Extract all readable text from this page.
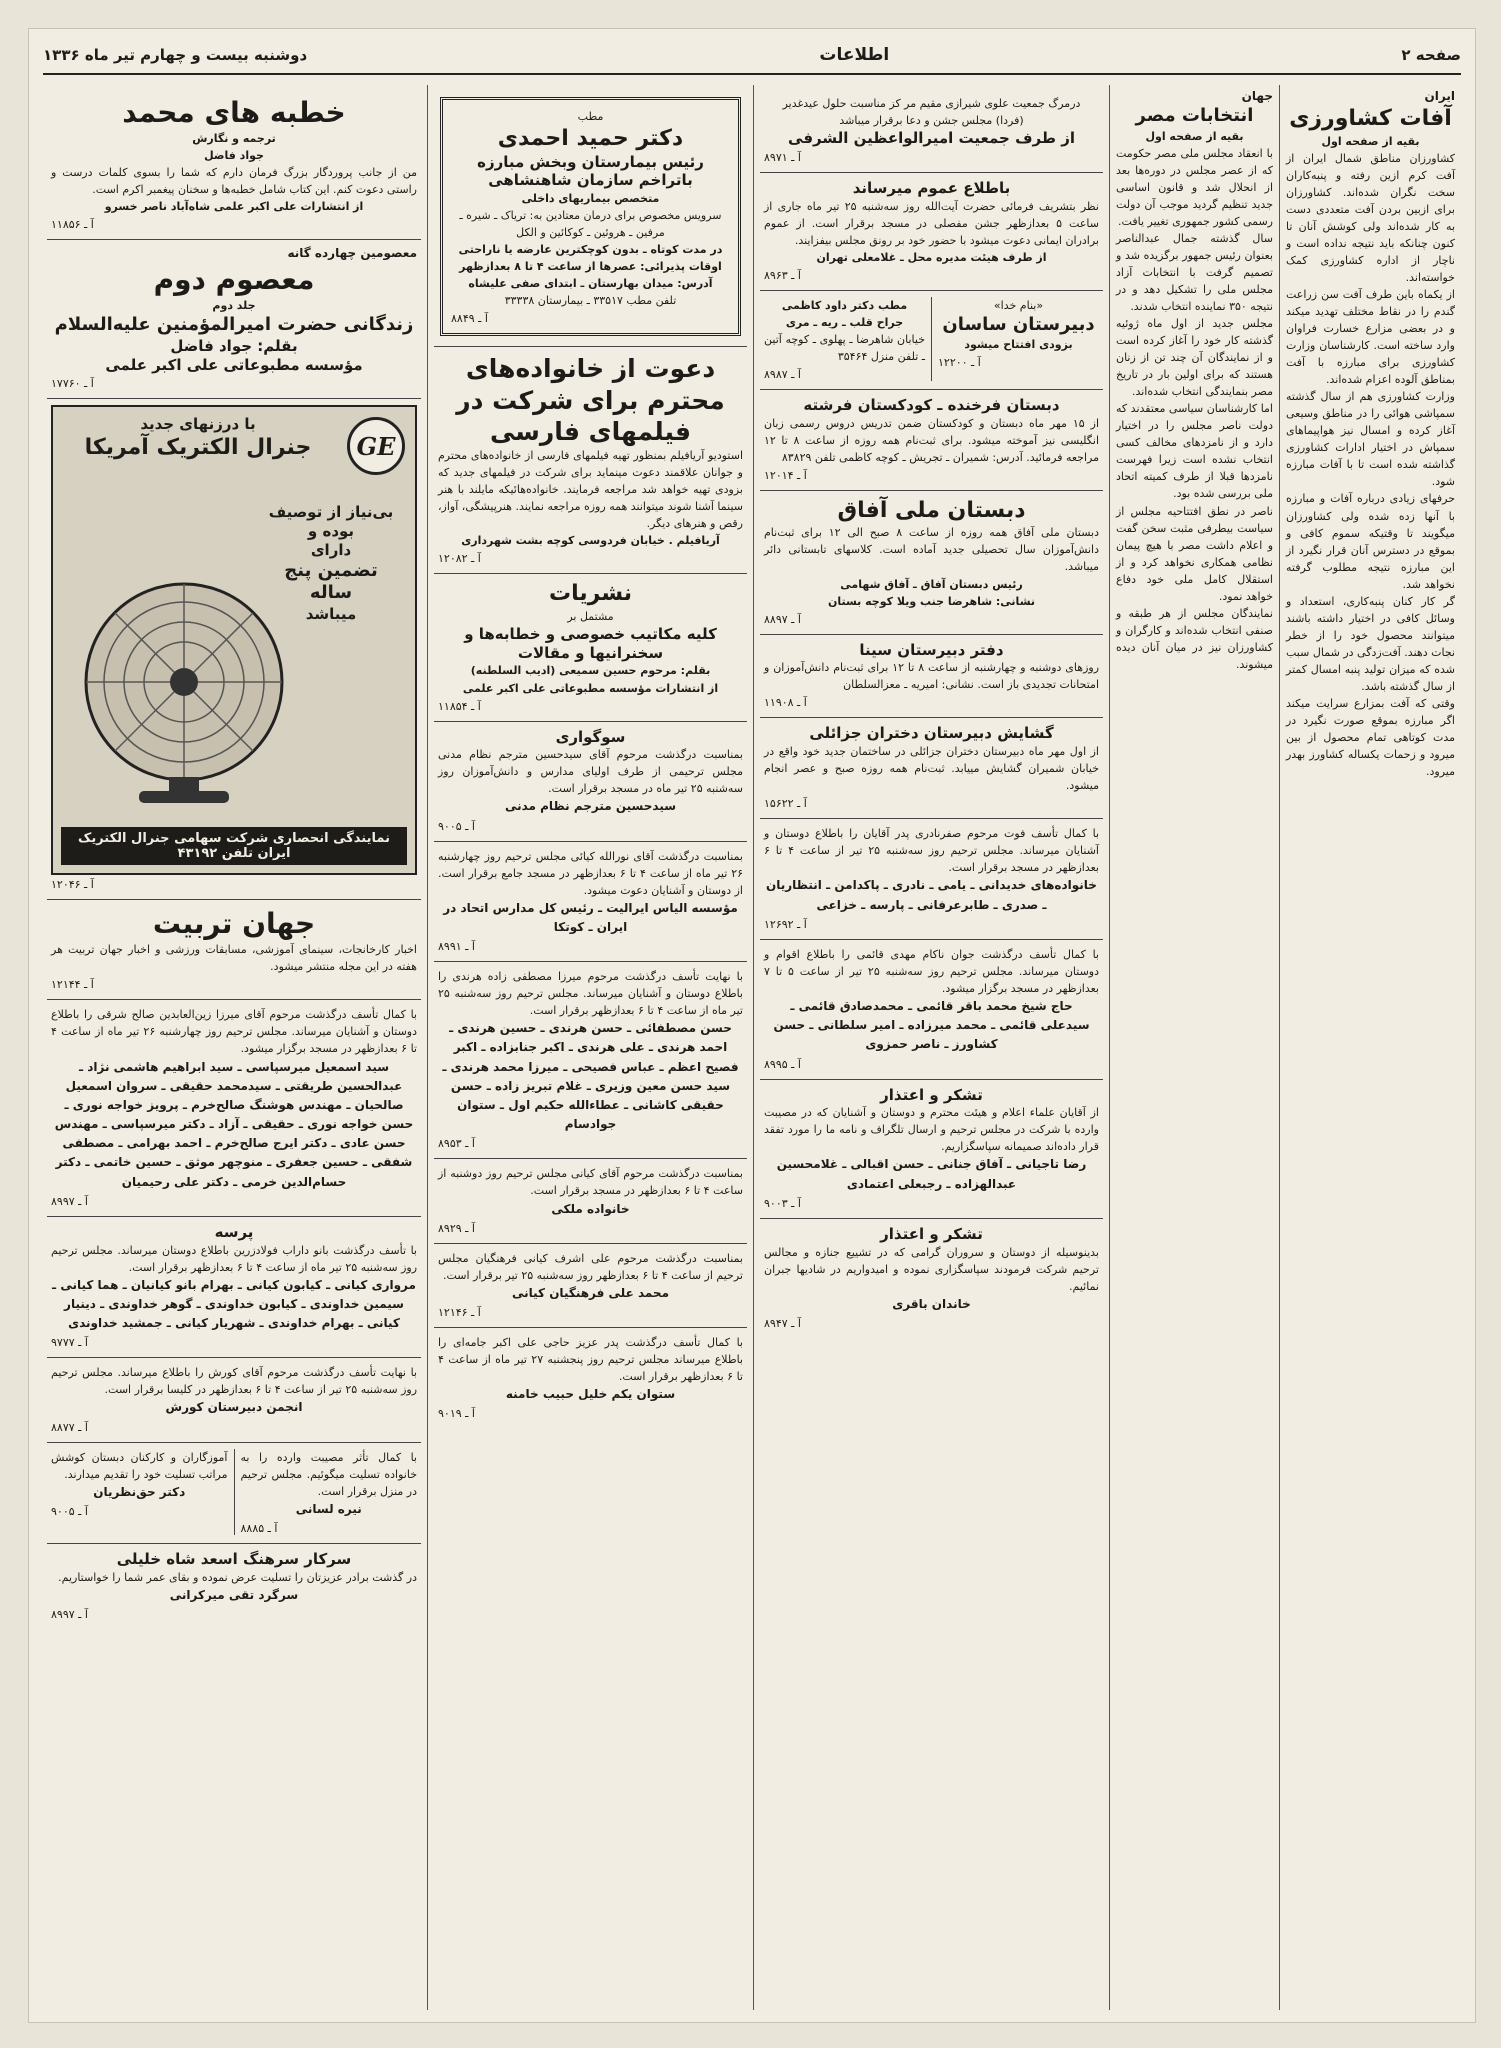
صفحه ۲
اطلاعات
دوشنبه بیست و چهارم تیر ماه ۱۳۳۶
ایران
آفات کشاورزی
بقیه از صفحه اول

کشاورزان مناطق شمال ایران از آفت کرم ازین رفته و پنبه‌کاران سخت نگران شده‌اند. کشاورزان برای ازبین بردن آفت متعددی دست به کار شده‌اند ولی کوشش آنان تا کنون چنانکه باید نتیجه نداده است و ناچار از اداره کشاورزی کمک خواسته‌اند.

از یکماه باین طرف آفت سن زراعت گندم را در نقاط مختلف تهدید میکند و در بعضی مزارع خسارت فراوان وارد ساخته است. کارشناسان وزارت کشاورزی برای مبارزه با آفت بمناطق آلوده اعزام شده‌اند.

وزارت کشاورزی هم از سال گذشته سمپاشی هوائی را در مناطق وسیعی آغاز کرده و امسال نیز هواپیماهای سمپاش در اختیار ادارات کشاورزی گذاشته شده است تا با آفات مبارزه شود.

حرفهای زیادی درباره آفات و مبارزه با آنها زده شده ولی کشاورزان میگویند تا وقتیکه سموم کافی و بموقع در دسترس آنان قرار نگیرد از این مبارزه نتیجه مطلوب گرفته نخواهد شد.

گر کار کنان پنبه‌کاری، استعداد و وسائل کافی در اختیار داشته باشند میتوانند محصول خود را از خطر نجات دهند. آفت‌زدگی در شمال سبب شده که میزان تولید پنبه امسال کمتر از سال گذشته باشد.

وقتی که آفت بمزارع سرایت میکند اگر مبارزه بموقع صورت نگیرد در مدت کوتاهی تمام محصول از بین میرود و زحمات یکساله کشاورز بهدر میرود.

جهان
انتخابات مصر
بقیه از صفحه اول

با انعقاد مجلس ملی مصر حکومت که از عصر مجلس در دوره‌ها بعد از انحلال شد و قانون اساسی جدید تنظیم گردید موجب آن دولت رسمی کشور جمهوری تغییر یافت.

سال گذشته جمال عبدالناصر بعنوان رئیس جمهور برگزیده شد و تصمیم گرفت با انتخابات آزاد مجلس ملی را تشکیل دهد و در نتیجه ۳۵۰ نماینده انتخاب شدند.

مجلس جدید از اول ماه ژوئیه گذشته کار خود را آغاز کرده است و از نمایندگان آن چند تن از زنان هستند که برای اولین بار در تاریخ مصر بنمایندگی انتخاب شده‌اند.

اما کارشناسان سیاسی معتقدند که دولت ناصر مجلس را در اختیار دارد و از نامزدهای مخالف کسی انتخاب نشده است زیرا فهرست نامزدها قبلا از طرف کمیته اتحاد ملی بررسی شده بود.

ناصر در نطق افتتاحیه مجلس از سیاست بیطرفی مثبت سخن گفت و اعلام داشت مصر با هیچ پیمان نظامی همکاری نخواهد کرد و از استقلال کامل ملی خود دفاع خواهد نمود.

نمایندگان مجلس از هر طبقه و صنفی انتخاب شده‌اند و کارگران و کشاورزان نیز در میان آنان دیده میشوند.

درمرگ جمعیت علوی شیرازی مقیم مر کز مناسبت حلول عیدغدیر
(فردا) مجلس جشن و دعا برقرار میباشد
از طرف جمعیت امیرالواعظین الشرفی
آ ـ ۸۹۷۱
باطلاع عموم میرساند

نظر بتشریف فرمائی حضرت آیت‌الله روز سه‌شنبه ۲۵ تیر ماه جاری از ساعت ۵ بعدازظهر جشن مفصلی در مسجد برقرار است. از عموم برادران ایمانی دعوت میشود با حضور خود بر رونق مجلس بیفزایند.

از طرف هیئت مدیره محل ـ غلامعلی تهران
آ ـ ۸۹۶۳
«بنام خدا»
دبیرستان ساسان
بزودی افتتاح میشود
آ ـ ۱۲۲۰۰
مطب دکتر داود کاظمی
جراح قلب ـ ریه ـ مری

خیابان شاهرضا ـ پهلوی ـ کوچه آتین ـ تلفن منزل ۳۵۴۶۴

آ ـ ۸۹۸۷
دبستان فرخنده ـ کودکستان فرشته

از ۱۵ مهر ماه دبستان و کودکستان ضمن تدریس دروس رسمی زبان انگلیسی نیز آموخته میشود. برای ثبت‌نام همه روزه از ساعت ۸ تا ۱۲ مراجعه فرمائید. آدرس: شمیران ـ تجریش ـ کوچه کاظمی تلفن ۸۳۸۲۹

آ ـ ۱۲۰۱۴
دبستان ملی آفاق

دبستان ملی آفاق همه روزه از ساعت ۸ صبح الی ۱۲ برای ثبت‌نام دانش‌آموزان سال تحصیلی جدید آماده است. کلاسهای تابستانی دائر میباشد.

رئیس دبستان آفاق ـ آفاق شهامی
نشانی: شاهرضا جنب ویلا کوچه بستان
آ ـ ۸۸۹۷
دفتر دبیرستان سینا

روزهای دوشنبه و چهارشنبه از ساعت ۸ تا ۱۲ برای ثبت‌نام دانش‌آموزان و امتحانات تجدیدی باز است. نشانی: امیریه ـ معزالسلطان

آ ـ ۱۱۹۰۸
گشایش دبیرستان دختران جزائلی

از اول مهر ماه دبیرستان دختران جزائلی در ساختمان جدید خود واقع در خیابان شمیران گشایش مییابد. ثبت‌نام همه روزه صبح و عصر انجام میشود.

آ ـ ۱۵۶۲۲

با کمال تأسف فوت مرحوم صفرنادری پدر آقایان را باطلاع دوستان و آشنایان میرساند. مجلس ترحیم روز سه‌شنبه ۲۵ تیر از ساعت ۴ تا ۶ بعدازظهر در مسجد برقرار است.

خانواده‌های خدیدانی ـ یامی ـ نادری ـ پاکدامن ـ انتظاریان ـ صدری ـ طابرعرفانی ـ پارسه ـ خزاعی
آ ـ ۱۲۶۹۲

با کمال تأسف درگذشت جوان ناکام مهدی قائمی را باطلاع اقوام و دوستان میرساند. مجلس ترحیم روز سه‌شنبه ۲۵ تیر از ساعت ۵ تا ۷ بعدازظهر در مسجد برگزار میشود.

حاج شیخ محمد باقر قائمی ـ محمدصادق قائمی ـ سیدعلی قائمی ـ محمد میرزاده ـ امیر سلطانی ـ حسن کشاورز ـ ناصر حمزوی
آ ـ ۸۹۹۵
تشکر و اعتذار

از آقایان علماء اعلام و هیئت محترم و دوستان و آشنایان که در مصیبت وارده با شرکت در مجلس ترحیم و ارسال تلگراف و نامه ما را مورد تفقد قرار داده‌اند صمیمانه سپاسگزاریم.

رضا تاجیانی ـ آفاق جنانی ـ حسن اقبالی ـ غلامحسین عبدالهزاده ـ رجبعلی اعتمادی
آ ـ ۹۰۰۳
تشکر و اعتذار

بدینوسیله از دوستان و سروران گرامی که در تشییع جنازه و مجالس ترحیم شرکت فرمودند سپاسگزاری نموده و امیدواریم در شادیها جبران نمائیم.

خاندان باقری
آ ـ ۸۹۴۷
مطب
دکتر حمید احمدی
رئیس بیمارستان وبخش مبارزه باتراخم سازمان شاهنشاهی
متخصص بیماریهای داخلی
سرویس مخصوص برای درمان معتادین به: تریاک ـ شیره ـ مرفین ـ هروئین ـ کوکائین و الکل
در مدت کوتاه ـ بدون کوچکترین عارضه یا ناراحتی
اوقات پذیرائی: عصرها از ساعت ۴ تا ۸ بعدازظهر
آدرس: میدان بهارستان ـ ابتدای صفی علیشاه
تلفن مطب ۳۳۵۱۷ ـ بیمارستان ۳۳۳۳۸
آ ـ ۸۸۴۹
دعوت از خانواده‌های محترم برای شرکت در فیلمهای فارسی

استودیو آریافیلم بمنظور تهیه فیلمهای فارسی از خانواده‌های محترم و جوانان علاقمند دعوت مینماید برای شرکت در فیلمهای جدید که بزودی تهیه خواهد شد مراجعه فرمایند. خانواده‌هائیکه مایلند با هنر سینما آشنا شوند میتوانند همه روزه مراجعه نمایند. هنرپیشگی، آواز، رقص و هنرهای دیگر.

آریافیلم . خیابان فردوسی کوچه بشت شهرداری
آ ـ ۱۲۰۸۲
نشریات
مشتمل بر
کلیه مکاتیب خصوصی و خطابه‌ها و سخنرانیها و مقالات
بقلم: مرحوم حسین سمیعی (ادیب السلطنه)
از انتشارات مؤسسه مطبوعاتی علی اکبر علمی
آ ـ ۱۱۸۵۴
سوگواری

بمناسبت درگذشت مرحوم آقای سیدحسین مترجم نظام مدنی مجلس ترحیمی از طرف اولیای مدارس و دانش‌آموزان روز سه‌شنبه ۲۵ تیر ماه در مسجد برقرار است.

سیدحسین مترجم نظام مدنی
آ ـ ۹۰۰۵

بمناسبت درگذشت آقای نورالله کیائی مجلس ترحیم روز چهارشنبه ۲۶ تیر ماه از ساعت ۴ تا ۶ بعدازظهر در مسجد جامع برقرار است. از دوستان و آشنایان دعوت میشود.

مؤسسه الیاس ایرالیت ـ رئیس کل مدارس اتحاد در ایران ـ کوتکا
آ ـ ۸۹۹۱

با نهایت تأسف درگذشت مرحوم میرزا مصطفی زاده هرندی را باطلاع دوستان و آشنایان میرساند. مجلس ترحیم روز سه‌شنبه ۲۵ تیر ماه از ساعت ۴ تا ۶ بعدازظهر برقرار است.

حسن مصطفائی ـ حسن هرندی ـ حسین هرندی ـ احمد هرندی ـ علی هرندی ـ اکبر جنابزاده ـ اکبر فصیح اعظم ـ عباس فصیحی ـ میرزا محمد هرندی ـ سید حسن معین وزیری ـ غلام تبریز زاده ـ حسن حقیقی کاشانی ـ عطاءالله حکیم اول ـ ستوان جوادسام
آ ـ ۸۹۵۳

بمناسبت درگذشت مرحوم آقای کیانی مجلس ترحیم روز دوشنبه از ساعت ۴ تا ۶ بعدازظهر در مسجد برقرار است.

خانواده ملکی
آ ـ ۸۹۲۹

بمناسبت درگذشت مرحوم علی اشرف کیانی فرهنگیان مجلس ترحیم از ساعت ۴ تا ۶ بعدازظهر روز سه‌شنبه ۲۵ تیر برقرار است.

محمد علی فرهنگیان کیانی
آ ـ ۱۲۱۴۶

با کمال تأسف درگذشت پدر عزیز حاجی علی اکبر جامه‌ای را باطلاع میرساند مجلس ترحیم روز پنجشنبه ۲۷ تیر ماه از ساعت ۴ تا ۶ بعدازظهر برقرار است.

ستوان یکم خلیل حبیب خامنه
آ ـ ۹۰۱۹
خطبه های محمد
ترجمه و نگارش
جواد فاضل

من از جانب پروردگار بزرگ فرمان دارم که شما را بسوی کلمات درست و راستی دعوت کنم. این کتاب شامل خطبه‌ها و سخنان پیغمبر اکرم است.

از انتشارات علی اکبر علمی شاه‌آباد ناصر خسرو
آ ـ ۱۱۸۵۶
معصومین چهارده گانه
معصوم دوم
جلد دوم
زندگانی حضرت امیرالمؤمنین علیه‌السلام
بقلم: جواد فاضل
مؤسسه مطبوعاتی علی اکبر علمی
آ ـ ۱۷۷۶۰
GE
با درزنهای جدید
جنرال الکتریک آمریکا
بی‌نیاز از توصیف بوده و
دارای
تضمین پنج ساله
میباشد
نمایندگی انحصاری شرکت سهامی جنرال الکتریک ایران تلفن ۴۳۱۹۲
آ ـ ۱۲۰۴۶
جهان تربیت

اخبار کارخانجات، سینمای آموزشی، مسابقات ورزشی و اخبار جهان تربیت هر هفته در این مجله منتشر میشود.

آ ـ ۱۲۱۴۴

با کمال تأسف درگذشت مرحوم آقای میرزا زین‌العابدین صالح شرقی را باطلاع دوستان و آشنایان میرساند. مجلس ترحیم روز چهارشنبه ۲۶ تیر ماه از ساعت ۴ تا ۶ بعدازظهر در مسجد برگزار میشود.

سید اسمعیل میرسپاسی ـ سید ابراهیم هاشمی نژاد ـ عبدالحسین طریقتی ـ سیدمحمد حقیقی ـ سروان اسمعیل صالحیان ـ مهندس هوشنگ صالح‌خرم ـ پرویز خواجه نوری ـ حسن خواجه نوری ـ حقیقی ـ آزاد ـ دکتر میرسپاسی ـ مهندس حسن عادی ـ دکتر ایرج صالح‌خرم ـ احمد بهرامی ـ مصطفی شفقی ـ حسین جعفری ـ منوچهر موثق ـ حسین خاتمی ـ دکتر حسام‌الدین خرمی ـ دکتر علی رحیمیان
آ ـ ۸۹۹۷
پرسه

با تأسف درگذشت بانو داراب فولادزرین باطلاع دوستان میرساند. مجلس ترحیم روز سه‌شنبه ۲۵ تیر ماه از ساعت ۴ تا ۶ بعدازظهر برقرار است.

مرواری کیانی ـ کیابون کیانی ـ بهرام بانو کیانیان ـ هما کیانی ـ سیمین خداوندی ـ کیابون خداوندی ـ گوهر خداوندی ـ دینیار کیانی ـ بهرام خداوندی ـ شهریار کیانی ـ جمشید خداوندی
آ ـ ۹۷۷۷

با نهایت تأسف درگذشت مرحوم آقای کورش را باطلاع میرساند. مجلس ترحیم روز سه‌شنبه ۲۵ تیر از ساعت ۴ تا ۶ بعدازظهر در کلیسا برقرار است.

انجمن دبیرستان کورش
آ ـ ۸۸۷۷

با کمال تأثر مصیبت وارده را به خانواده تسلیت میگوئیم. مجلس ترحیم در منزل برقرار است.

نیره لسانی
آ ـ ۸۸۸۵

آموزگاران و کارکنان دبستان کوشش مراتب تسلیت خود را تقدیم میدارند.

دکتر حق‌نظریان
آ ـ ۹۰۰۵
سرکار سرهنگ اسعد شاه خلیلی

در گذشت برادر عزیزتان را تسلیت عرض نموده و بقای عمر شما را خواستاریم.

سرگرد تقی میرکرانی
آ ـ ۸۹۹۷
